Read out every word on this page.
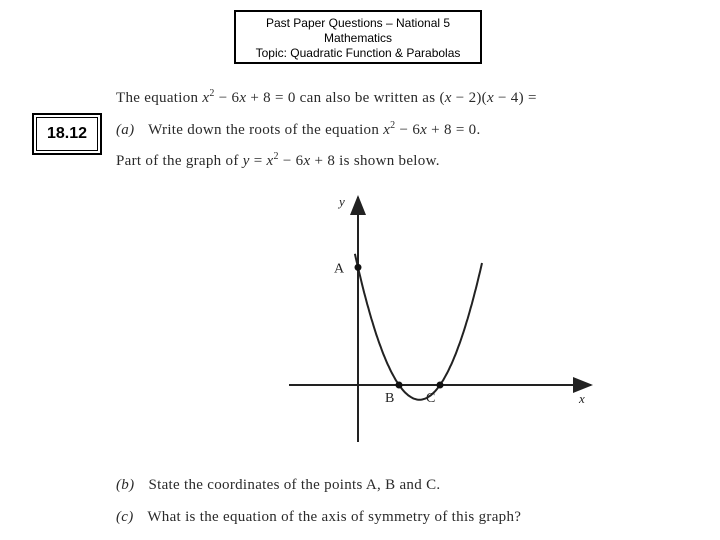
Past Paper Questions – National 5
Mathematics
Topic: Quadratic Function & Parabolas
18.12
The equation $x^2 - 6x + 8 = 0$ can also be written as (x − 2)(x − 4) =
(a) Write down the roots of the equation $x^2 - 6x + 8 = 0$.
Part of the graph of $y = x^2 - 6x + 8$ is shown below.
y
x
A
B C
(b) State the coordinates of the points A, B and C.
(c) What is the equation of the axis of symmetry of this graph?
